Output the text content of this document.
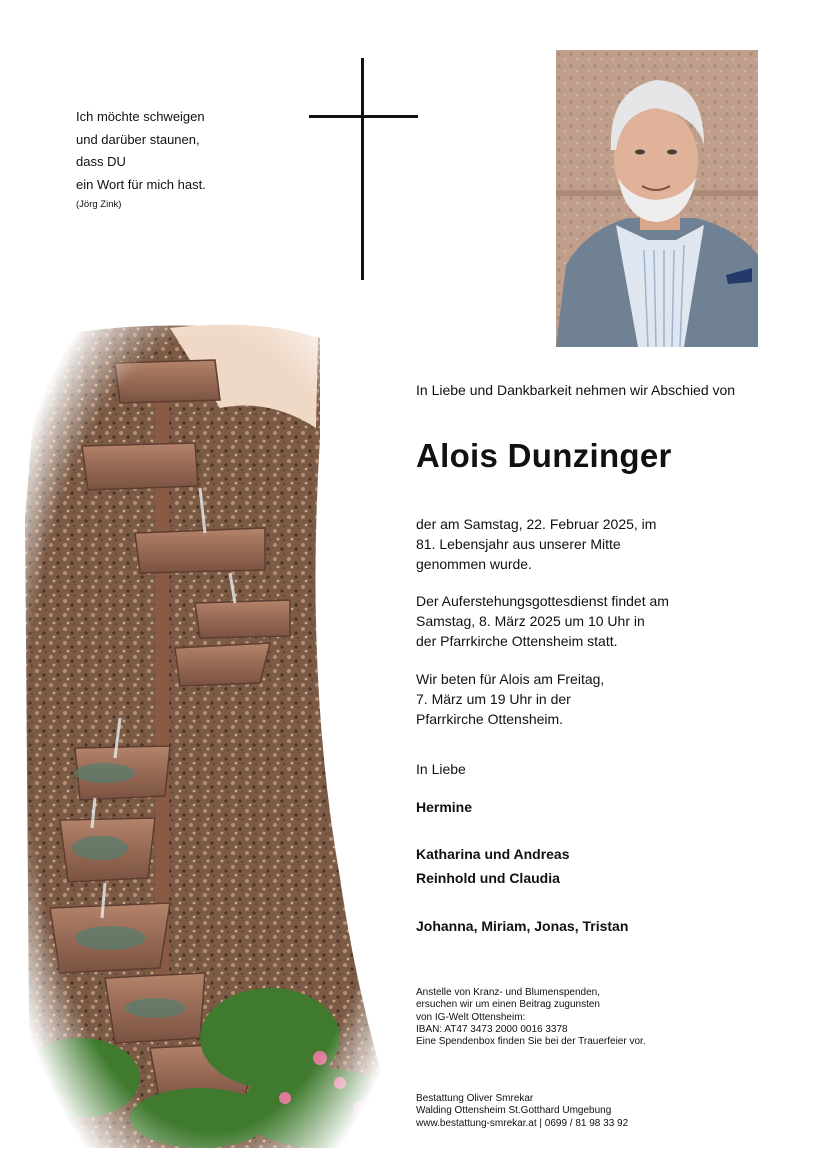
Ich möchte schweigen
und darüber staunen,
dass DU
ein Wort für mich hast.
(Jörg Zink)
In Liebe und Dankbarkeit nehmen wir Abschied von
Alois Dunzinger
der am Samstag, 22. Februar 2025, im
81. Lebensjahr aus unserer Mitte
genommen wurde.
Der Auferstehungsgottesdienst findet am
Samstag, 8. März 2025 um 10 Uhr in
der Pfarrkirche Ottensheim statt.
Wir beten für Alois am Freitag,
7. März um 19 Uhr in der
Pfarrkirche Ottensheim.
In Liebe
Hermine
Katharina und Andreas
Reinhold und Claudia
Johanna, Miriam, Jonas, Tristan
Anstelle von Kranz- und Blumenspenden,
ersuchen wir um einen Beitrag zugunsten
von IG-Welt Ottensheim:
IBAN: AT47 3473 2000 0016 3378
Eine Spendenbox finden Sie bei der Trauerfeier vor.
Bestattung Oliver Smrekar
Walding Ottensheim St.Gotthard Umgebung
www.bestattung-smrekar.at | 0699 / 81 98 33 92
